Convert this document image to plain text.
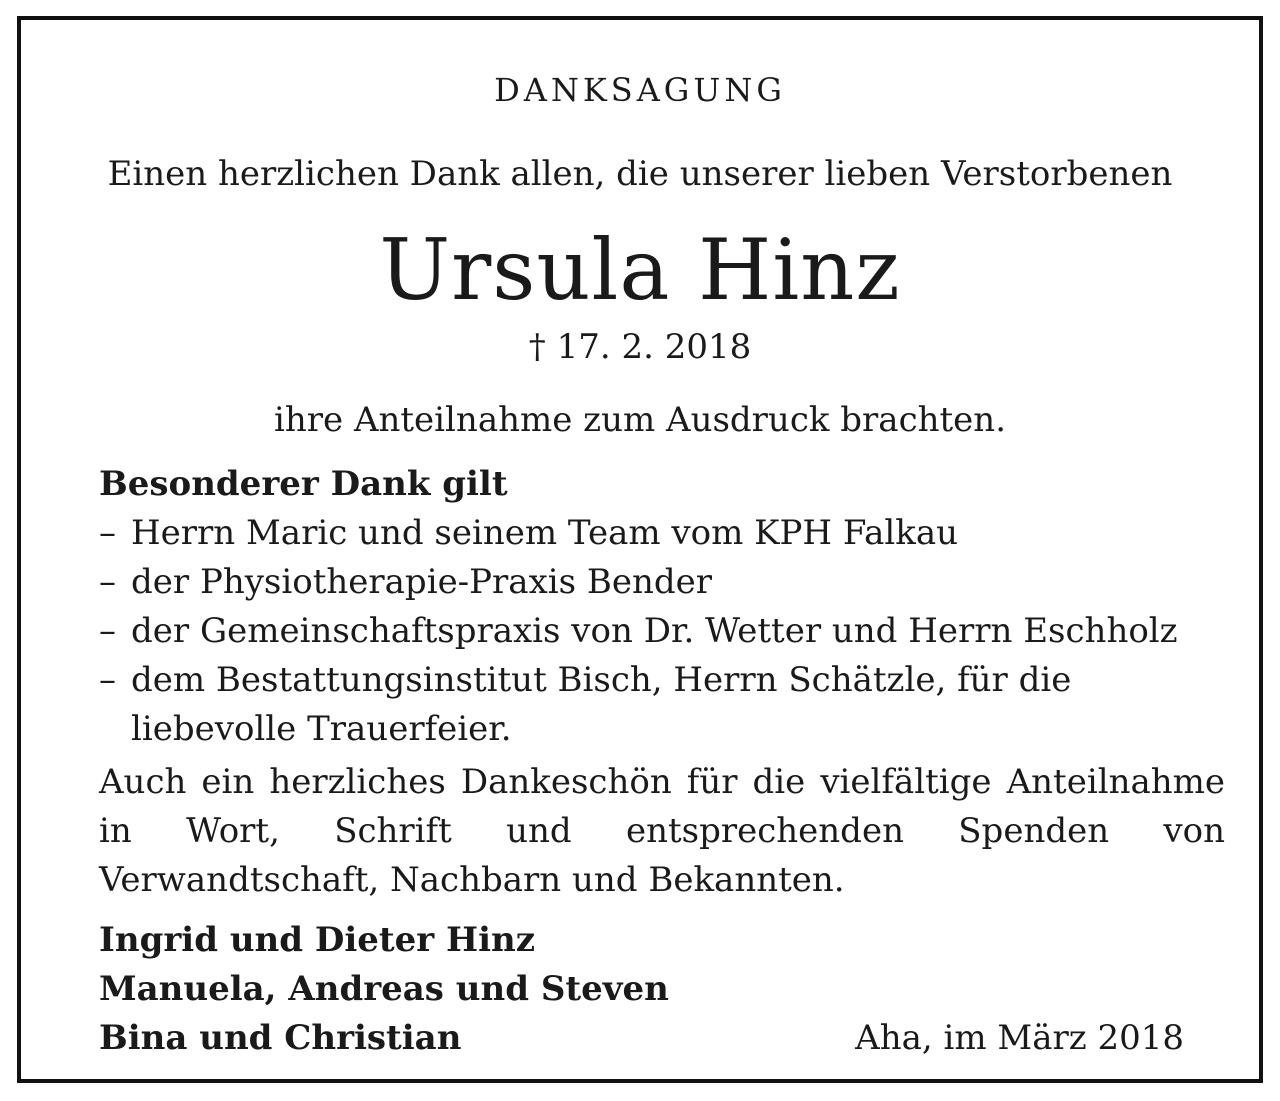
DANKSAGUNG
Einen herzlichen Dank allen, die unserer lieben Verstorbenen
Ursula Hinz
† 17. 2. 2018
ihre Anteilnahme zum Ausdruck brachten.
Besonderer Dank gilt
– Herrn Maric und seinem Team vom KPH Falkau
– der Physiotherapie-Praxis Bender
– der Gemeinschaftspraxis von Dr. Wetter und Herrn Eschholz
– dem Bestattungsinstitut Bisch, Herrn Schätzle, für die liebevolle Trauerfeier.
Auch ein herzliches Dankeschön für die vielfältige Anteilnahme in Wort, Schrift und entsprechenden Spenden von Verwandtschaft, Nachbarn und Bekannten.
Ingrid und Dieter Hinz
Manuela, Andreas und Steven
Bina und Christian	Aha, im März 2018
